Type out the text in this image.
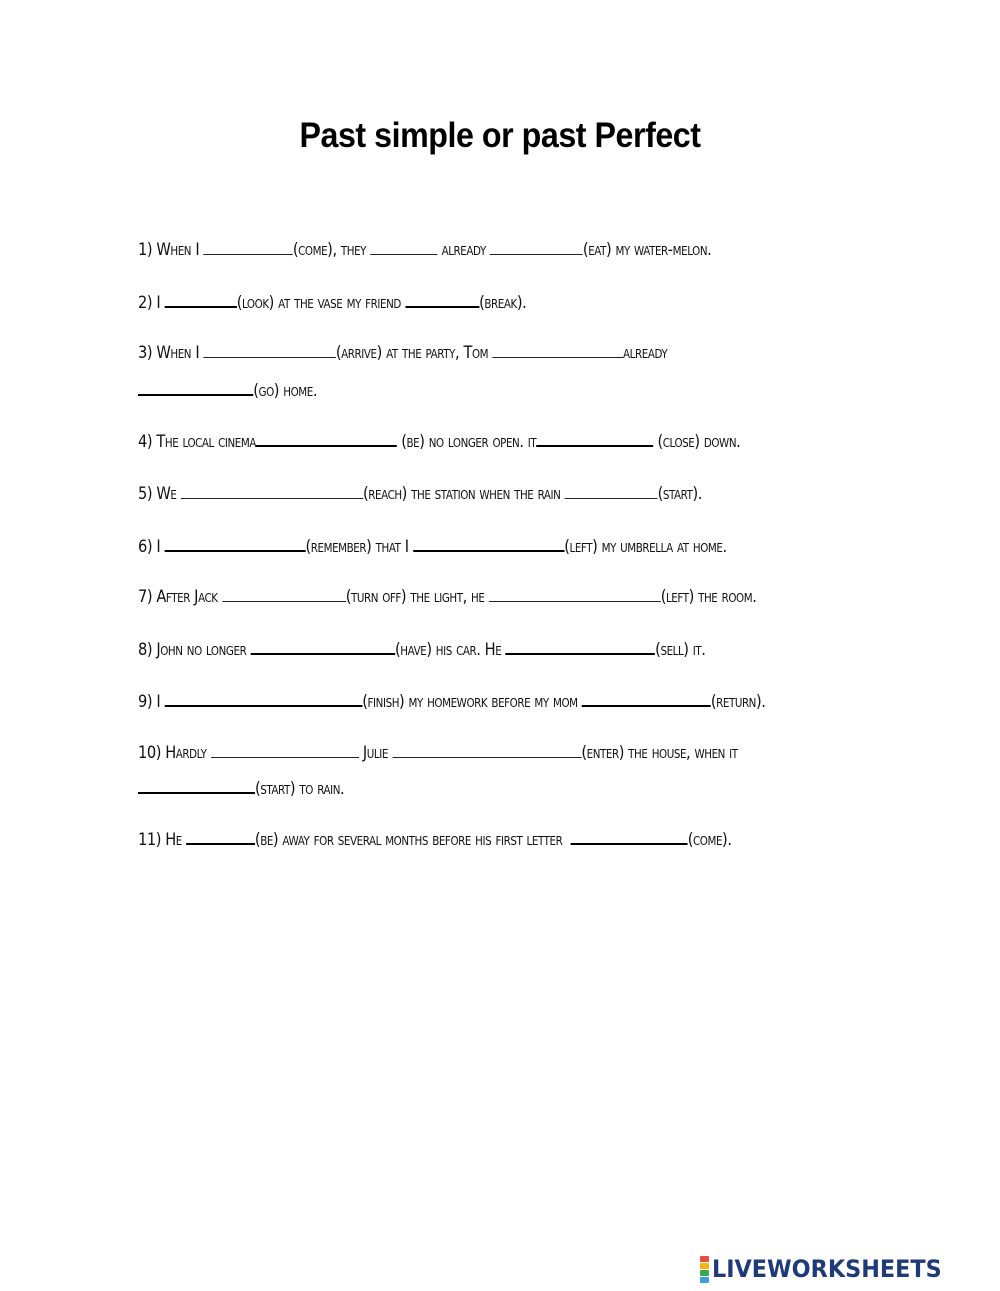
Past simple or past Perfect
1) When I	(come), they	already	(eat) my water-melon.
2) I	(look) at the vase my friend	(break).
3) When I	(arrive) at the party, Tom	already
(go) home.
4) The local cinema	(be) no longer open. it	(close) down.
5) We	(reach) the station when the rain	(start).
6) I	(remember) that I	(left) my umbrella at home.
7) After Jack	(turn off) the light, he	(left) the room.
8) John no longer	(have) his car. He	(sell) it.
9) I	(finish) my homework before my mom	(return).
10) Hardly	Julie	(enter) the house, when it
(start) to rain.
11) He	(be) away for several months before his first letter	(come).
LIVEWORKSHEETS
